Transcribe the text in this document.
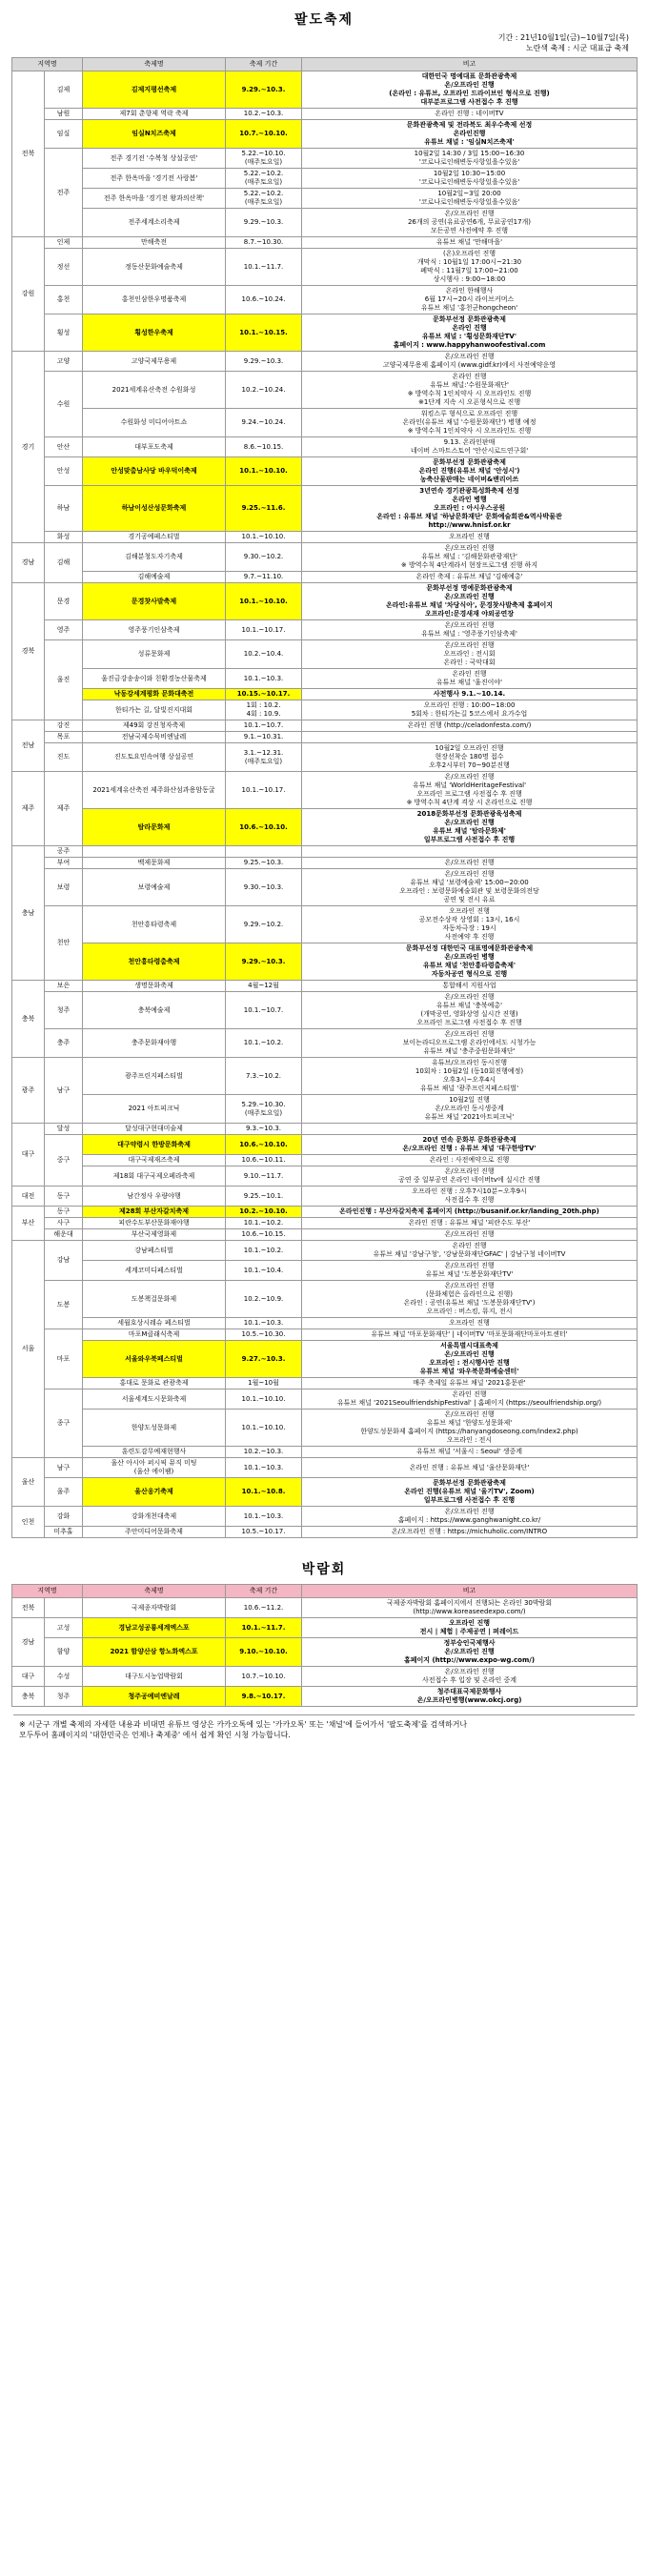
팔도축제
기간 : 21년10월1일(금)~10월7일(목)
노란색 축제 : 시군 대표급 축제
지역명		축제명	축제 기간	비고
전북	김제	김제지평선축제	9.29.~10.3.	대한민국 명예대표 문화관광축제
온/오프라인 진행
(온라인 : 유튜브, 오프라인 드라이브인 형식으로 진행)
대부분프로그램 사전접수 후 진행
	남원	제7회 춘향제 역락 축제	10.2.~10.3.	온라인 진행 : 네이버TV
	임실	임실N치즈축제	10.7.~10.10.	문화관광축제 및 전라북도 최우수축제 선정
온라인진행
유튜브 채널 : '임실N치즈축제'
	전주	전주 경기전 '수복청 상설공연'	5.22.~10.10.
(매주토요일)	10월2일 14:30 / 3일 15:00~16:30
'코로나로인해변동사항있을수있음'
		전주 한옥마을 '경기전 사랑봄'	5.22.~10.2.
(매주토요일)	10월2일 10:30~15:00
'코로나로인해변동사항있을수있음'
		전주 한옥마을 '경기전 왕과의산책'	5.22.~10.2.
(매주토요일)	10월2일~3일 20:00
'코로나로인해변동사항있을수있음'
		전주세계소리축제	9.29.~10.3.	온/오프라인 진행
26개의 공연(유료공연6개, 무료공연17개)
모든공연 사전예약 후 진행
강원	인제	만해축전	8.7.~10.30.	유튜브 채널 '만해마을'
	정선	정동산문화예술축제	10.1.~11.7.	(온)오프라인 진행
개막식 : 10월1일 17:00시~21:30
폐막식 : 11월7일 17:00~21:00
상시행사 : 9:00~18:00
	홍천	홍천인삼한우명품축제	10.6.~10.24.	온라인 한해행사
6월 17시~20시 라이브커머스
유튜브 채널 '홍천군hongcheon'
	횡성	횡성한우축제	10.1.~10.15.	문화부선정 문화관광축제
온라인 진행
유튜브 채널 : '횡성문화재단TV'
홈페이지 : www.happyhanwoofestival.com
경기	고양	고양국제무용제	9.29.~10.3.	온/오프라인 진행
고양국제무용제 홈페이지 (www.gidf.kr)에서 사전예약운영
	수원	2021세계유산축전 수원화성	10.2.~10.24.	온라인 진행
유튜브 채널:'수원문화재단'
※ 방역수칙 1인치약사 시 오프라인도 진행
※1단계 지속 시 오픈형식으로 진행
		수원화성 미디어아트쇼	9.24.~10.24.	워킹스루 형식으로 오프라인 진행
온라인(유튜브 채널 '수원문화재단') 병행 예정
※ 방역수칙 1인치약사 시 오프라인도 진행
	안산	대부포도축제	8.6.~10.15.	9.13. 온라인판매
네이버 스마트스토어 '안산시로드연구회'
	안성	안성맞춤남사당 바우덕이축제	10.1.~10.10.	문화부선정 문화관광축제
온라인 진행(유튜브 채널 '안성시')
농축산물판매는 네이버&밴리어쓰
	하남	하남이성산성문화축제	9.25.~11.6.	3년연속 경기관광특성화축제 선정
온라인 병행
오프라인 : 아시우스공원
온라인 : 유튜브 채널 '하남문화재단' 문화예술회관&역사박물관
http://www.hnisf.or.kr
	화성	경기공예페스티벌	10.1.~10.10.	오프라인 진행
경남	김해	김해분청도자기축제	9.30.~10.2.	온/오프라인 진행
유튜브 채널 : '김해문화관광재단'
※ 방역수칙 4단계라서 현장프로그램 진행 하지
		김해예술제	9.7.~11.10.	온라인 축제 : 유튜브 채널 '김해예총'
경북	문경	문경찻사발축제	10.1.~10.10.	문화부선정 명예문화관광축제
온/오프라인 진행
온라인:유튜브 채널 '차당식아', 문경찻사발축제 홈페이지
오프라인:문경새재 야외공연장
	영주	영주풍기인삼축제	10.1.~10.17.	온/오프라인 진행
유튜브 채널 : '영주풍기인삼축제'
	울진	성류문화제	10.2.~10.4.	온/오프라인 진행
오프라인 : 전시회
온라인 : 국악대회
		울진금강송송이와 친환경농산물축제	10.1.~10.3.	온라인 진행
유튜브 채널 '울진이야'
		낙동강세계평화 문화대축전	10.15.~10.17.	사전행사 9.1.~10.14.
		한티가는 길, 달빛진지대회	1회 : 10.2.
4회 : 10.9.	오프라인 진행 : 10:00~18:00
5회차 : 한티가는길 5코스에서 요가수업
전남	강진	제49회 강진청자축제	10.1.~10.7.	온라인 진행 (http://celadonfesta.com/)
	목포	전남국제수묵비엔날레	9.1.~10.31.	
	진도	진도토요민속여행 상설공연	3.1.~12.31.
(매주토요일)	10월2일 오프라인 진행
현장선착순 180명 접수
오후2시부터 70~90분진행
제주	제주	2021세계유산축전 제주화산섬과용암동굴	10.1.~10.17.	온/오프라인 진행
유튜브 채널 'WorldHeritageFestival'
오프라인 프로그램 사전접수 후 진행
※ 방역수칙 4단계 격상 시 온라인으로 진행
		탐라문화제	10.6.~10.10.	2018문화부선정 문화관광육성축제
온/오프라인 진행
유튜브 채널 '탐라문화제'
일부프로그램 사전접수 후 진행
충남	공주			
	부여	백제문화제	9.25.~10.3.	온/오프라인 진행
	보령	보령예술제	9.30.~10.3.	온/오프라인 진행
유튜브 채널 '보령예술제' 15:00~20:00
오프라인 : 보령문화예술회관 및 보령문화의전당
공연 및 전시 유료
	천안	천안흥타령축제	9.29.~10.2.	오프라인 진행
공모전수상작 상영회 : 13시, 16시
자동차극장 : 19시
사전예약 후 진행
		천안흥타령춤축제	9.29.~10.3.	문화부선정 대한민국 대표명예문화관광축제
온/오프라인 병행
유튜브 채널 '천안흥타령춤축제'
자동차공연 형식으로 진행
충북	보은	생명문화축제	4월~12월	통합해서 지원사업
	청주	충북예술제	10.1.~10.7.	온/오프라인 진행
유튜브 채널 '충북예총'
(개막공연, 영화상영 실시간 진행)
오프라인 프로그램 사전접수 후 진행
	충주	충주문화재야행	10.1.~10.2.	온/오프라인 진행
보이는라디오프로그램 온라인에서도 시청가능
유튜브 채널 '충주중원문화재단'
광주	남구	광주프린지페스티벌	7.3.~10.2.	유튜브/오프라인 동시진행
10회차 : 10월2일 (동10회진행예정)
오후3시~오후4시
유튜브 채널 '광주프린지페스티벌'
		2021 아트피크닉	5.29.~10.30.
(매주토요일)	10월2일 진행
온/오프라인 동시생중계
유튜브 채널 '2021아트피크닉'
대구	달성	달성대구현대미술제	9.3.~10.3.	
	중구	대구약령시 한방문화축제	10.6.~10.10.	20년 연속 문화부 문화관광축제
온/오프라인 진행 : 유튜브 채널 '대구한방TV'
		대구국제재즈축제	10.6.~10.11.	온라인 : 사전예약으로 진행
		제18회 대구국제오페라축제	9.10.~11.7.	온/오프라인 진행
공연 중 일부공연 온라인 네이버tv에 실시간 진행
대전	동구	남간정사 우량야행	9.25.~10.1.	오프라인 진행 : 오후7시10분~오후9시
사전접수 후 진행
부산	동구	제28회 부산자갈치축제	10.2.~10.10.	온라인진행 : 부산자갈치축제 홈페이지 (http://busanif.or.kr/landing_20th.php)
	사구	피란수도부산문화재야행	10.1.~10.2.	온라인 진행 : 유튜브 채널 '피란수도 부산'
	해운대	부산국제영화제	10.6.~10.15.	온/오프라인 진행
서울	강남	강남페스티벌	10.1.~10.2.	온라인 진행
유튜브 채널 '강남구청', '강남문화재단GFAC' | 강남구청 네이버TV
		세계코미디페스티벌	10.1.~10.4.	온/오프라인 진행
유튜브 채널 '도봉문화재단TV'
	도봉	도봉책걸문화제	10.2.~10.9.	온/오프라인 진행
(문화체험은 올라인으로 진행)
온라인 : 공연(유튜브 채널 '도봉문화재단TV')
오프라인 : 버스킹, 뮤지, 전시
		세월호상시레슈 페스티벌	10.1.~10.3.	오프라인 진행
	마포	마포M클래식축제	10.5.~10.30.	유튜브 채널 '마포문화재단' | 네이버TV '마포문화재단마포아트센터'
		서울와우북페스티벌	9.27.~10.3.	서울특별시대표축제
온/오프라인 진행
오프라인 : 전시행사만 진행
유튜브 채널 '와우북문화예술센터'
		홍대로 문화로 관광축제	1월~10월	매주 축제일 유튜브 채널 '2021홍문관'
	종구	서울세계도시문화축제	10.1.~10.10.	온라인 진행
유튜브 채널 '2021SeoulfriendshipFestival' | 홈페이지 (https://seoulfriendship.org/)
		한양도성문화제	10.1.~10.10.	온/오프라인 진행
유튜브 채널 '한양도성문화제'
한양도성문화제 홈페이지 (https://hanyangdoseong.com/index2.php)
오프라인 : 전시
		훈련도감무예재현행사	10.2.~10.3.	유튜브 채널 '서울시 : Seoul' 생중계
울산	남구	울산 아시아 퍼시픽 뮤직 미팅
(울산 에이팸)	10.1.~10.3.	온라인 진행 : 유튜브 채널 '울산문화재단'
	울주	울산옹기축제	10.1.~10.8.	문화부선정 문화관광축제
온라인 진행(유튜브 채널 '울기TV', Zoom)
일부프로그램 사전접수 후 진행
인천	강화	강화개천대축제	10.1.~10.3.	온/오프라인 진행
홈페이지 : https://www.ganghwanight.co.kr/
	미추홀	주안미디어문화축제	10.5.~10.17.	온/오프라인 진행 : https://michuholic.com/INTRO
박람회
지역명		축제명	축제 기간	비고
전북		국제종자박람회	10.6.~11.2.	국제종자박람회 홈페이지에서 진행되는 온라인 30박람회
(http://www.koreaseedexpo.com/)
경남	고성	경남고성공룡세계엑스포	10.1.~11.7.	오프라인 진행
전시 | 체험 | 주제공연 | 퍼레이드
	함양	2021 함양산삼 항노화엑스포	9.10.~10.10.	정부승인국제행사
온/오프라인 진행
홈페이지 (http://www.expo-wg.com/)
대구	수성	대구도시농업박람회	10.7.~10.10.	온/오프라인 진행
사전접수 후 입장 및 온라인 중계
충북	청주	청주공예비엔날레	9.8.~10.17.	청주대표국제문화행사
온/오프라인병행(www.okcj.org)
※ 시군구 개별 축제의 자세한 내용과 비대면 유튜브 영상은 카카오톡에 있는 '카카오톡' 또는 '채널'에 들어가서 '팔도축제'를 검색하거나
모두투어 홈페이지의 '대한민국은 언제나 축제중' 에서 쉽게 확인 시청 가능합니다.
